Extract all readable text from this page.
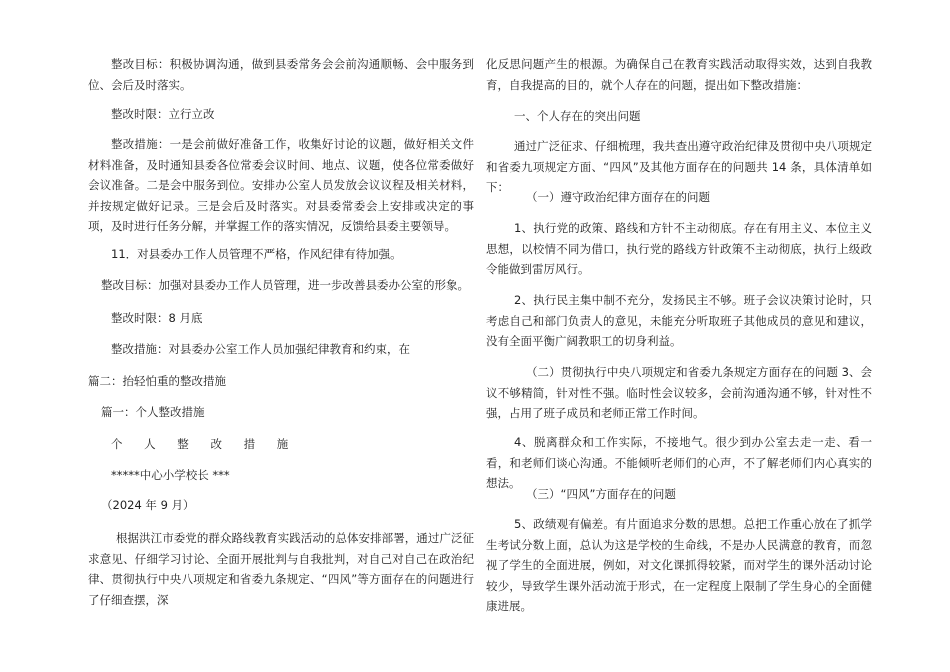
整改目标：积极协调沟通，做到县委常务会会前沟通顺畅、会中服务到位、会后及时落实。
整改时限：立行立改
整改措施：一是会前做好准备工作，收集好讨论的议题，做好相关文件材料准备，及时通知县委各位常委会议时间、地点、议题，使各位常委做好会议准备。二是会中服务到位。安排办公室人员发放会议议程及相关材料，并按规定做好记录。三是会后及时落实。对县委常委会上安排或决定的事项，及时进行任务分解，并掌握工作的落实情况，反馈给县委主要领导。
11．对县委办工作人员管理不严格，作风纪律有待加强。
整改目标：加强对县委办工作人员管理，进一步改善县委办公室的形象。
整改时限：8 月底
整改措施：对县委办公室工作人员加强纪律教育和约束，在
篇二：抬轻怕重的整改措施
篇一：个人整改措施
个 人 整 改 措 施
*****中心小学校长 ***
（2024 年 9 月）
根据洪江市委党的群众路线教育实践活动的总体安排部署，通过广泛征求意见、仔细学习讨论、全面开展批判与自我批判，对自己对自己在政治纪律、贯彻执行中央八项规定和省委九条规定、“四风”等方面存在的问题进行了仔细查摆，深
化反思问题产生的根源。为确保自己在教育实践活动取得实效，达到自我教育，自我提高的目的，就个人存在的问题，提出如下整改措施：
一、个人存在的突出问题
通过广泛征求、仔细梳理，我共查出遵守政治纪律及贯彻中央八项规定和省委九项规定方面、“四风”及其他方面存在的问题共 14 条，具体清单如下：
（一）遵守政治纪律方面存在的问题
1、执行党的政策、路线和方针不主动彻底。存在有用主义、本位主义思想，以校情不同为借口，执行党的路线方针政策不主动彻底，执行上级政令能做到雷厉风行。
2、执行民主集中制不充分，发扬民主不够。班子会议决策讨论时，只考虑自己和部门负责人的意见，未能充分听取班子其他成员的意见和建议，没有全面平衡广阔教职工的切身利益。
（二）贯彻执行中央八项规定和省委九条规定方面存在的问题 3、会议不够精简，针对性不强。临时性会议较多，会前沟通沟通不够，针对性不强，占用了班子成员和老师正常工作时间。
4、脱离群众和工作实际，不接地气。很少到办公室去走一走、看一看，和老师们谈心沟通。不能倾听老师们的心声，不了解老师们内心真实的想法。
（三）“四风”方面存在的问题
5、政绩观有偏差。有片面追求分数的思想。总把工作重心放在了抓学生考试分数上面，总认为这是学校的生命线，不是办人民满意的教育，而忽视了学生的全面进展，例如，对文化课抓得较紧，而对学生的课外活动讨论较少，导致学生课外活动流于形式，在一定程度上限制了学生身心的全面健康进展。
